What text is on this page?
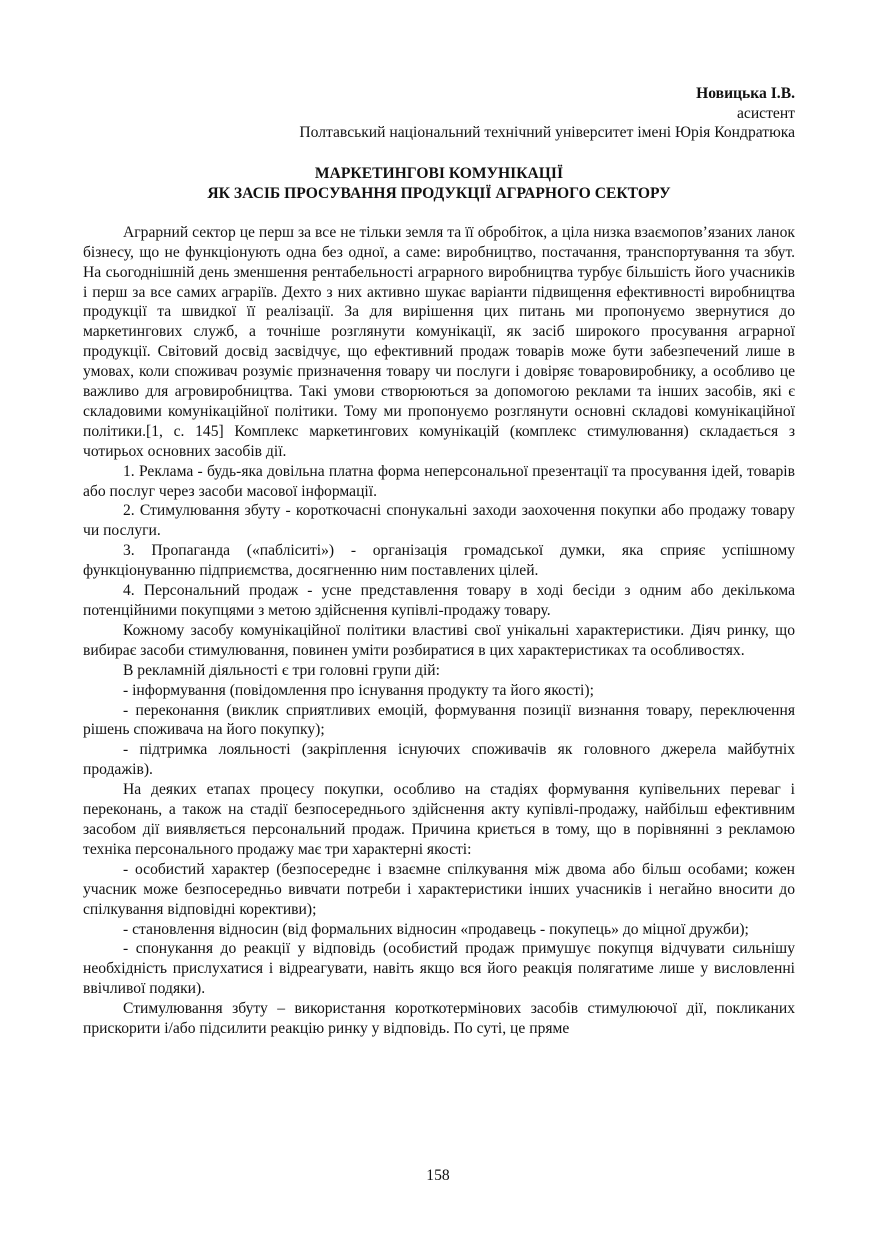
Новицька І.В.
асистент
Полтавський національний технічний університет імені Юрія Кондратюка
МАРКЕТИНГОВІ КОМУНІКАЦІЇ
ЯК ЗАСІБ ПРОСУВАННЯ ПРОДУКЦІЇ АГРАРНОГО СЕКТОРУ

Аграрний сектор це перш за все не тільки земля та її обробіток, а ціла низка взаємопов’язаних ланок бізнесу, що не функціонують одна без одної, а саме: виробництво, постачання, транспортування та збут. На сьогоднішній день зменшення рентабельності аграрного виробництва турбує більшість його учасників і перш за все самих аграріїв. Дехто з них активно шукає варіанти підвищення ефективності виробництва продукції та швидкої її реалізації. За для вирішення цих питань ми пропонуємо звернутися до маркетингових служб, а точніше розглянути комунікації, як засіб широкого просування аграрної продукції. Світовий досвід засвідчує, що ефективний продаж товарів може бути забезпечений лише в умовах, коли споживач розуміє призначення товару чи послуги і довіряє товаровиробнику, а особливо це важливо для агровиробництва. Такі умови створюються за допомогою реклами та інших засобів, які є складовими комунікаційної політики. Тому ми пропонуємо розглянути основні складові комунікаційної політики.[1, с. 145] Комплекс маркетингових комунікацій (комплекс стимулювання) складається з чотирьох основних засобів дії.

1. Реклама - будь-яка довільна платна форма неперсональної презентації та просування ідей, товарів або послуг через засоби масової інформації.

2. Стимулювання збуту - короткочасні спонукальні заходи заохочення покупки або продажу товару чи послуги.

3. Пропаганда («пабліситі») - організація громадської думки, яка сприяє успішному функціонуванню підприємства, досягненню ним поставлених цілей.

4. Персональний продаж - усне представлення товару в ході бесіди з одним або декількома потенційними покупцями з метою здійснення купівлі-продажу товару.

Кожному засобу комунікаційної політики властиві свої унікальні характеристики. Діяч ринку, що вибирає засоби стимулювання, повинен уміти розбиратися в цих характеристиках та особливостях.

В рекламній діяльності є три головні групи дій:

- інформування (повідомлення про існування продукту та його якості);

- переконання (виклик сприятливих емоцій, формування позиції визнання товару, переключення рішень споживача на його покупку);

- підтримка лояльності (закріплення існуючих споживачів як головного джерела майбутніх продажів).

На деяких етапах процесу покупки, особливо на стадіях формування купівельних переваг і переконань, а також на стадії безпосереднього здійснення акту купівлі-продажу, найбільш ефективним засобом дії виявляється персональний продаж. Причина криється в тому, що в порівнянні з рекламою техніка персонального продажу має три характерні якості:

- особистий характер (безпосереднє і взаємне спілкування між двома або більш особами; кожен учасник може безпосередньо вивчати потреби і характеристики інших учасників і негайно вносити до спілкування відповідні корективи);

- становлення відносин (від формальних відносин «продавець - покупець» до міцної дружби);

- спонукання до реакції у відповідь (особистий продаж примушує покупця відчувати сильнішу необхідність прислухатися і відреагувати, навіть якщо вся його реакція полягатиме лише у висловленні ввічливої подяки).

Стимулювання збуту – використання короткотермінових засобів стимулюючої дії, покликаних прискорити і/або підсилити реакцію ринку у відповідь. По суті, це пряме

158
